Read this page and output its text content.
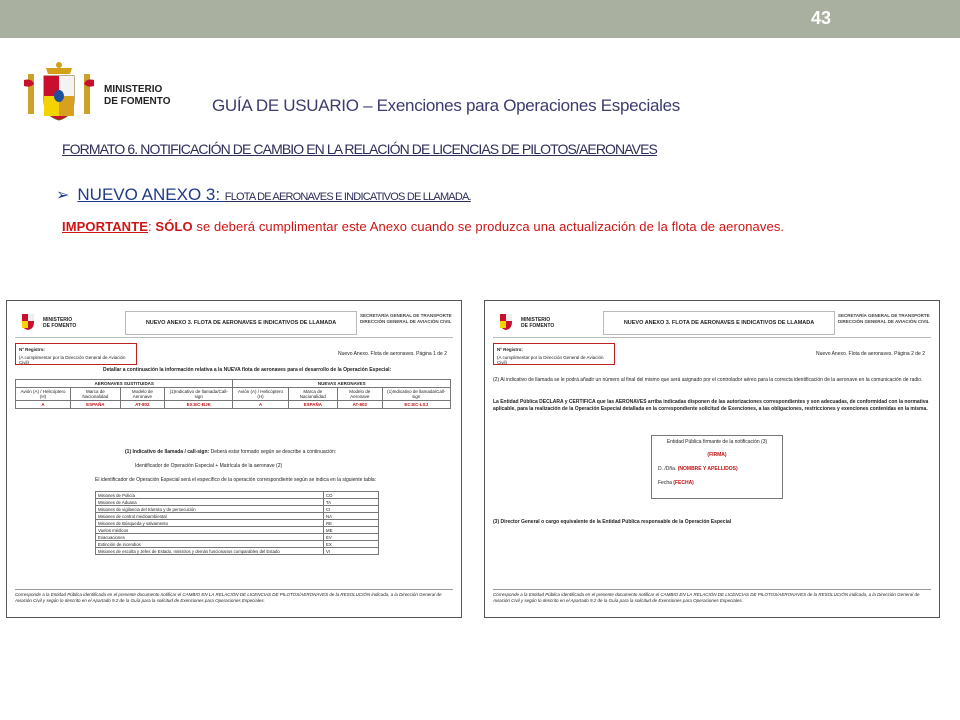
43
MINISTERIO
DE FOMENTO GUÍA DE USUARIO – Exenciones para Operaciones Especiales
FORMATO 6. NOTIFICACIÓN DE CAMBIO EN LA RELACIÓN DE LICENCIAS DE PILOTOS/AERONAVES
➢ NUEVO ANEXO 3: FLOTA DE AERONAVES E INDICATIVOS DE LLAMADA.
IMPORTANTE: SÓLO se deberá cumplimentar este Anexo cuando se produzca una actualización de la flota de aeronaves.
MINISTERIO
DE FOMENTO	NUEVO ANEXO 3. FLOTA DE AERONAVES E INDICATIVOS DE LLAMADA
SECRETARÍA GENERAL DE TRANSPORTE
DIRECCIÓN GENERAL DE AVIACIÓN CIVIL
Nº Registro:
(A cumplimentar por la Dirección General de Aviación Civil)
Nuevo Anexo. Flota de aeronaves. Página 1 de 2
Detallar a continuación la información relativa a la NUEVA flota de aeronaves para el desarrollo de la Operación Especial:
AERONAVES SUSTITUIDAS				NUEVAS AERONAVES			
Avión (A) / Helicóptero (H)	Marca de Nacionalidad	Modelo de Aeronave	(1)Indicativo de llamada/Call-sign	Avión (A) / Helicóptero (H)	Marca de Nacionalidad	Modelo de Aeronave	(1)Indicativo de llamada/Call-sign
A	ESPAÑA	AT-802	EX:EC-BJK	A	ESPAÑA	AT-802	EC:EC-LSJ
(1) Indicativo de llamada / call-sign: Deberá estar formado según se describe a continuación:
Identificador de Operación Especial + Matrícula de la aeronave (2)
El identificador de Operación Especial será el específico de la operación correspondiente según se indica en la siguiente tabla:
Misiones de Policía	CO
Misiones de Aduana	TA
Misiones de vigilancia del tránsito y de persecución	CI
Misiones de control medioambiental	NA
Misiones de Búsqueda y salvamento	RE
Vuelos médicos	ME
Evacuaciones	EV
Extinción de incendios	EX
Misiones de escolta y Jefes de Estado, ministros y demás funcionarios comparables del Estado	VI
Corresponde a la Entidad Pública identificada en el presente documento notificar el CAMBIO EN LA RELACIÓN DE LICENCIAS DE PILOTOS/AERONAVES de la RESOLUCIÓN indicada, a la Dirección General de Aviación Civil y según lo descrito en el Apartado 9.2 de la Guía para la solicitud de Exenciones para Operaciones Especiales.
MINISTERIO
DE FOMENTO	NUEVO ANEXO 3. FLOTA DE AERONAVES E INDICATIVOS DE LLAMADA
SECRETARÍA GENERAL DE TRANSPORTE
DIRECCIÓN GENERAL DE AVIACIÓN CIVIL
Nº Registro:
(A cumplimentar por la Dirección General de Aviación Civil)
Nuevo Anexo. Flota de aeronaves. Página 2 de 2
(2) Al indicativo de llamada se le podrá añadir un número al final del mismo que será asignado por el controlador aéreo para la correcta identificación de la aeronave en la comunicación de radio.
La Entidad Pública DECLARA y CERTIFICA que las AERONAVES arriba indicadas disponen de las autorizaciones correspondientes y son adecuadas, de conformidad con la normativa aplicable, para la realización de la Operación Especial detallada en la correspondiente solicitud de Exenciones, a las obligaciones, restricciones y exenciones contenidas en la misma.
Entidad Pública firmante de la notificación (3)
(FIRMA)
D. /Dña. (NOMBRE Y APELLIDOS)
Fecha (FECHA)
(3) Director General o cargo equivalente de la Entidad Pública responsable de la Operación Especial
Corresponde a la Entidad Pública identificada en el presente documento notificar el CAMBIO EN LA RELACIÓN DE LICENCIAS DE PILOTOS/AERONAVES de la RESOLUCIÓN indicada, a la Dirección General de Aviación Civil y según lo descrito en el Apartado 9.2 de la Guía para la solicitud de Exenciones para Operaciones Especiales.
